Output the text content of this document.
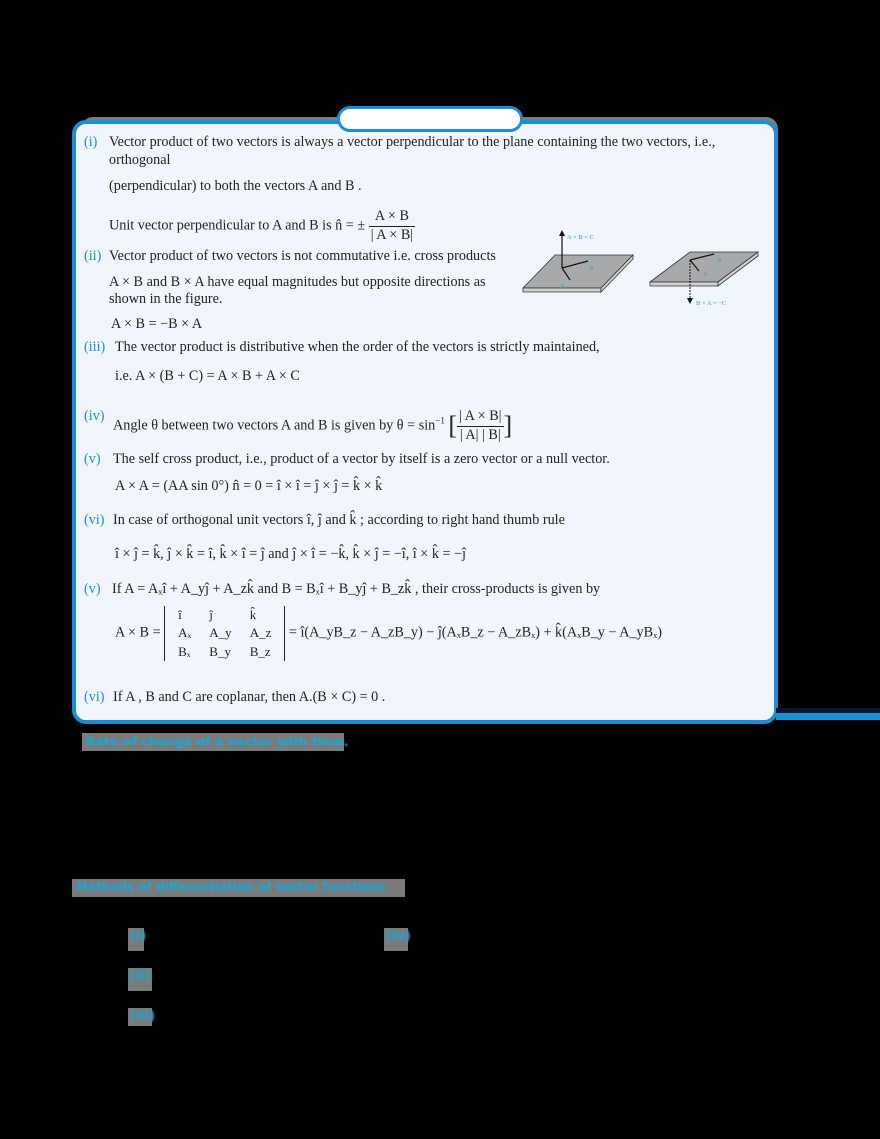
(i) Vector product of two vectors is always a vector perpendicular to the plane containing the two vectors, i.e.,
orthogonal
(perpendicular) to both the vectors A and B .
Unit vector perpendicular to A and B is n̂ = ± $\frac{A \times B}{| A \times B|}$
(ii) Vector product of two vectors is not commutative i.e. cross products
A × B and B × A have equal magnitudes but opposite directions as
shown in the figure.
A × B = −B × A
(iii) The vector product is distributive when the order of the vectors is strictly maintained,
i.e. A × (B + C) = A × B + A × C
(iv)
Angle θ between two vectors A and B is given by $\theta = \sin^{-1}$ [ $\frac{| A \times B|}{| A| | B|}$ ]
(v) The self cross product, i.e., product of a vector by itself is a zero vector or a null vector.
A × A = (AA sin 0°) n̂ = 0 = î × î = ĵ × ĵ = k̂ × k̂
(vi) In case of orthogonal unit vectors î, ĵ and k̂ ; according to right hand thumb rule
î × ĵ = k̂, ĵ × k̂ = î, k̂ × î = ĵ and ĵ × î = −k̂, k̂ × ĵ = −î, î × k̂ = −ĵ
(v) If A = Aₓî + A_yĵ + A_zk̂ and B = Bₓî + B_yĵ + B_zk̂ , their cross-products is given by
A × B =
î	ĵ	k̂
Aₓ	A_y	A_z
Bₓ	B_y	B_z
= î(A_yB_z − A_zB_y) − ĵ(AₓB_z − A_zBₓ) + k̂(AₓB_y − A_yBₓ)
(vi) If A , B and C are coplanar, then A.(B × C) = 0 .
A × B = C
B
A
B
A
B × A = −C
Rate of change of a vector with time.
Methods of differentiation of vector functions
(i)	(iv)
(ii)
(iii)
